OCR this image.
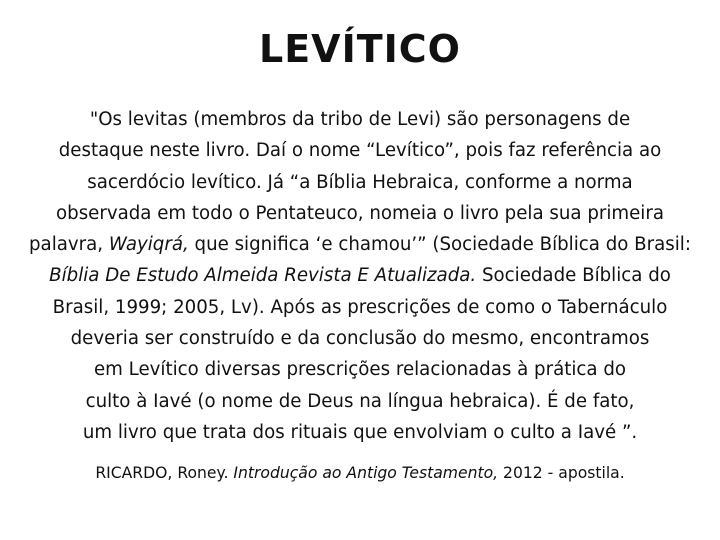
LEVÍTICO
"Os levitas (membros da tribo de Levi) são personagens de
destaque neste livro. Daí o nome “Levítico”, pois faz referência ao
sacerdócio levítico. Já “a Bíblia Hebraica, conforme a norma
observada em todo o Pentateuco, nomeia o livro pela sua primeira
palavra, Wayiqrá, que significa ‘e chamou’” (Sociedade Bíblica do Brasil:
Bíblia De Estudo Almeida Revista E Atualizada. Sociedade Bíblica do
Brasil, 1999; 2005, Lv). Após as prescrições de como o Tabernáculo
deveria ser construído e da conclusão do mesmo, encontramos
em Levítico diversas prescrições relacionadas à prática do
culto à Iavé (o nome de Deus na língua hebraica). É de fato,
um livro que trata dos rituais que envolviam o culto a Iavé ”.
RICARDO, Roney. Introdução ao Antigo Testamento, 2012 - apostila.
